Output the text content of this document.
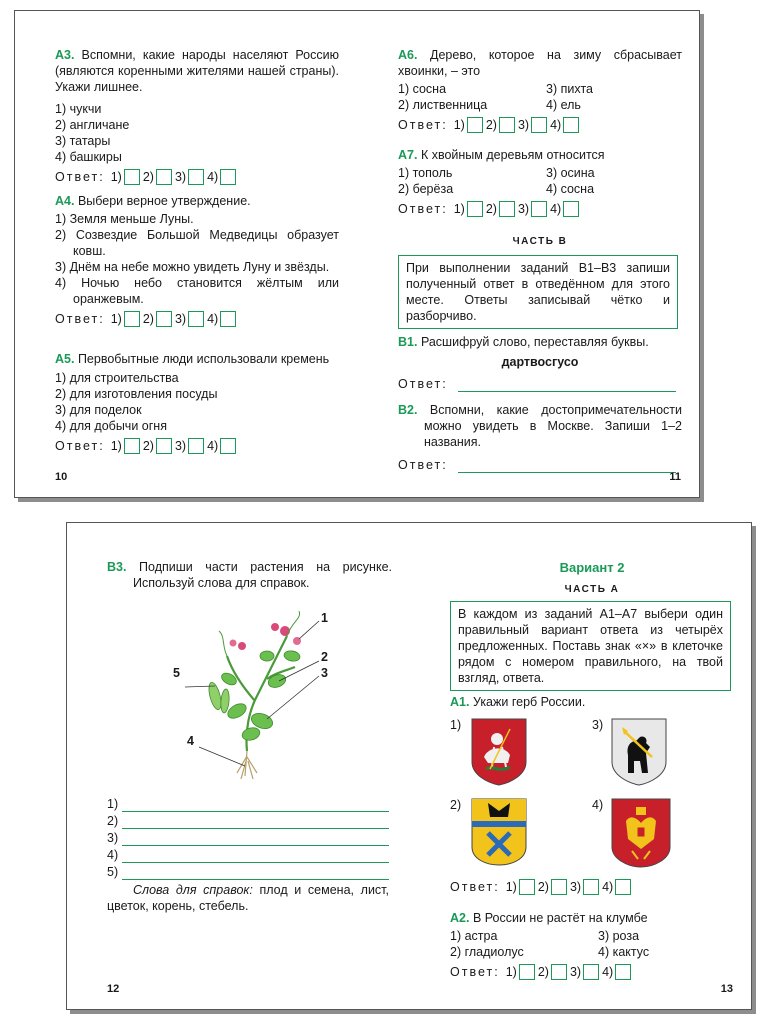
А3. Вспомни, какие народы населяют Россию (являются коренными жителями нашей страны). Укажи лишнее.
1) чукчи
2) англичане
3) татары
4) башкиры
Ответ: 1) 2) 3) 4)
А4. Выбери верное утверждение.
1) Земля меньше Луны.
2) Созвездие Большой Медведицы образует ковш.
3) Днём на небе можно увидеть Луну и звёзды.
4) Ночью небо становится жёлтым или оранжевым.
Ответ: 1) 2) 3) 4)
А5. Первобытные люди использовали кремень
1) для строительства
2) для изготовления посуды
3) для поделок
4) для добычи огня
Ответ: 1) 2) 3) 4)
10
А6. Дерево, которое на зиму сбрасывает хвоинки, – это
1) сосна	3) пихта
2) лиственница	4) ель
Ответ: 1) 2) 3) 4)
А7. К хвойным деревьям относится
1) тополь	3) осина
2) берёза	4) сосна
Ответ: 1) 2) 3) 4)
ЧАСТЬ В
При выполнении заданий В1–В3 запиши полученный ответ в отведённом для этого месте. Ответы записывай чётко и разборчиво.
В1. Расшифруй слово, переставляя буквы.
дартвосгусо
Ответ:
В2. Вспомни, какие достопримечательности можно увидеть в Москве. Запиши 1–2 названия.
Ответ:
11
В3. Подпиши части растения на рисунке. Используй слова для справок.
1
2
3
4
5
1)
2)
3)
4)
5)
Слова для справок: плод и семена, лист, цветок, корень, стебель.
12
Вариант 2
ЧАСТЬ А
В каждом из заданий А1–А7 выбери один правильный вариант ответа из четырёх предложенных. Поставь знак «×» в клеточке рядом с номером правильного, на твой взгляд, ответа.
А1. Укажи герб России.
1)	3)
2)	4)
Ответ: 1) 2) 3) 4)
А2. В России не растёт на клумбе
1) астра	3) роза
2) гладиолус	4) кактус
Ответ: 1) 2) 3) 4)
13
